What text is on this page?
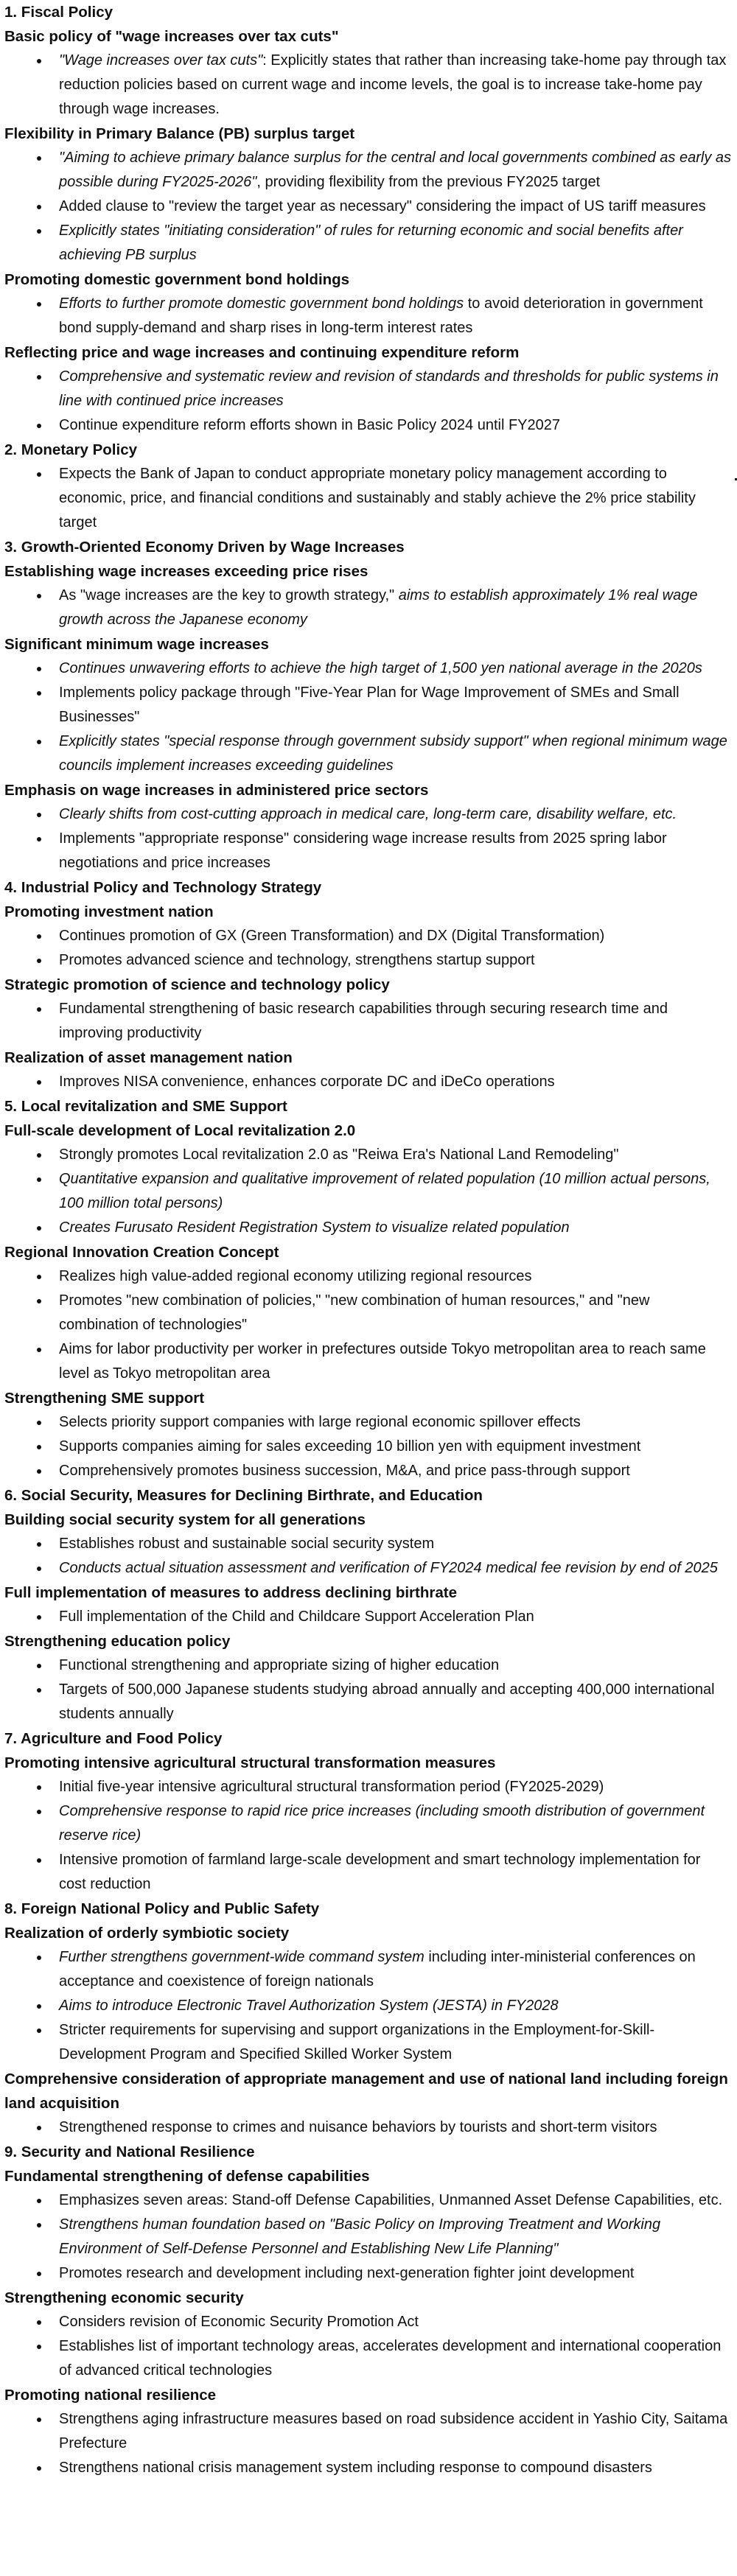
1. Fiscal Policy
Basic policy of "wage increases over tax cuts"
"Wage increases over tax cuts": Explicitly states that rather than increasing take-home pay through tax reduction policies based on current wage and income levels, the goal is to increase take-home pay through wage increases.
Flexibility in Primary Balance (PB) surplus target
"Aiming to achieve primary balance surplus for the central and local governments combined as early as possible during FY2025-2026", providing flexibility from the previous FY2025 target
Added clause to "review the target year as necessary" considering the impact of US tariff measures
Explicitly states "initiating consideration" of rules for returning economic and social benefits after achieving PB surplus
Promoting domestic government bond holdings
Efforts to further promote domestic government bond holdings to avoid deterioration in government bond supply-demand and sharp rises in long-term interest rates
Reflecting price and wage increases and continuing expenditure reform
Comprehensive and systematic review and revision of standards and thresholds for public systems in line with continued price increases
Continue expenditure reform efforts shown in Basic Policy 2024 until FY2027
2. Monetary Policy
Expects the Bank of Japan to conduct appropriate monetary policy management according to economic, price, and financial conditions and sustainably and stably achieve the 2% price stability target
3. Growth-Oriented Economy Driven by Wage Increases
Establishing wage increases exceeding price rises
As "wage increases are the key to growth strategy," aims to establish approximately 1% real wage growth across the Japanese economy
Significant minimum wage increases
Continues unwavering efforts to achieve the high target of 1,500 yen national average in the 2020s
Implements policy package through "Five-Year Plan for Wage Improvement of SMEs and Small Businesses"
Explicitly states "special response through government subsidy support" when regional minimum wage councils implement increases exceeding guidelines
Emphasis on wage increases in administered price sectors
Clearly shifts from cost-cutting approach in medical care, long-term care, disability welfare, etc.
Implements "appropriate response" considering wage increase results from 2025 spring labor negotiations and price increases
4. Industrial Policy and Technology Strategy
Promoting investment nation
Continues promotion of GX (Green Transformation) and DX (Digital Transformation)
Promotes advanced science and technology, strengthens startup support
Strategic promotion of science and technology policy
Fundamental strengthening of basic research capabilities through securing research time and improving productivity
Realization of asset management nation
Improves NISA convenience, enhances corporate DC and iDeCo operations
5. Local revitalization and SME Support
Full-scale development of Local revitalization 2.0
Strongly promotes Local revitalization 2.0 as "Reiwa Era's National Land Remodeling"
Quantitative expansion and qualitative improvement of related population (10 million actual persons, 100 million total persons)
Creates Furusato Resident Registration System to visualize related population
Regional Innovation Creation Concept
Realizes high value-added regional economy utilizing regional resources
Promotes "new combination of policies," "new combination of human resources," and "new combination of technologies"
Aims for labor productivity per worker in prefectures outside Tokyo metropolitan area to reach same level as Tokyo metropolitan area
Strengthening SME support
Selects priority support companies with large regional economic spillover effects
Supports companies aiming for sales exceeding 10 billion yen with equipment investment
Comprehensively promotes business succession, M&A, and price pass-through support
6. Social Security, Measures for Declining Birthrate, and Education
Building social security system for all generations
Establishes robust and sustainable social security system
Conducts actual situation assessment and verification of FY2024 medical fee revision by end of 2025
Full implementation of measures to address declining birthrate
Full implementation of the Child and Childcare Support Acceleration Plan
Strengthening education policy
Functional strengthening and appropriate sizing of higher education
Targets of 500,000 Japanese students studying abroad annually and accepting 400,000 international students annually
7. Agriculture and Food Policy
Promoting intensive agricultural structural transformation measures
Initial five-year intensive agricultural structural transformation period (FY2025-2029)
Comprehensive response to rapid rice price increases (including smooth distribution of government reserve rice)
Intensive promotion of farmland large-scale development and smart technology implementation for cost reduction
8. Foreign National Policy and Public Safety
Realization of orderly symbiotic society
Further strengthens government-wide command system including inter-ministerial conferences on acceptance and coexistence of foreign nationals
Aims to introduce Electronic Travel Authorization System (JESTA) in FY2028
Stricter requirements for supervising and support organizations in the Employment-for-Skill-Development Program and Specified Skilled Worker System
Comprehensive consideration of appropriate management and use of national land including foreign land acquisition
Strengthened response to crimes and nuisance behaviors by tourists and short-term visitors
9. Security and National Resilience
Fundamental strengthening of defense capabilities
Emphasizes seven areas: Stand-off Defense Capabilities, Unmanned Asset Defense Capabilities, etc.
Strengthens human foundation based on "Basic Policy on Improving Treatment and Working Environment of Self-Defense Personnel and Establishing New Life Planning"
Promotes research and development including next-generation fighter joint development
Strengthening economic security
Considers revision of Economic Security Promotion Act
Establishes list of important technology areas, accelerates development and international cooperation of advanced critical technologies
Promoting national resilience
Strengthens aging infrastructure measures based on road subsidence accident in Yashio City, Saitama Prefecture
Strengthens national crisis management system including response to compound disasters
